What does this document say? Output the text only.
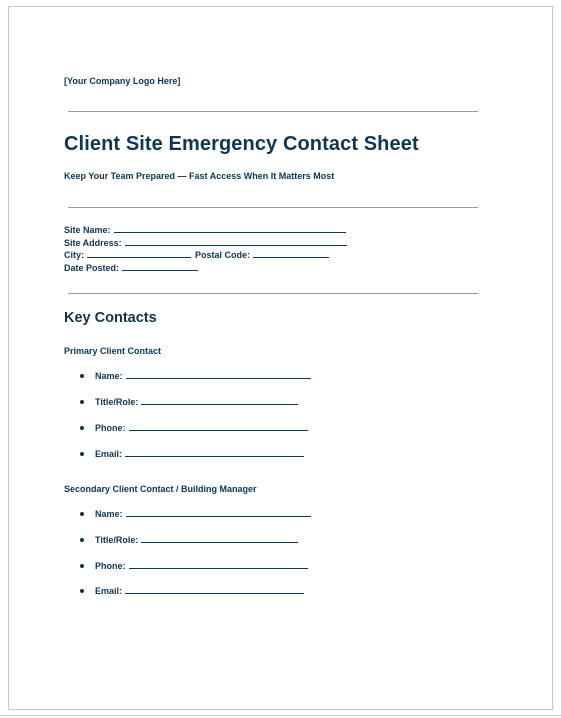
[Your Company Logo Here]
Client Site Emergency Contact Sheet
Keep Your Team Prepared — Fast Access When It Matters Most
Site Name:
Site Address:
City:	Postal Code:
Date Posted:
Key Contacts
Primary Client Contact
Name:
Title/Role:
Phone:
Email:
Secondary Client Contact / Building Manager
Name:
Title/Role:
Phone:
Email:
